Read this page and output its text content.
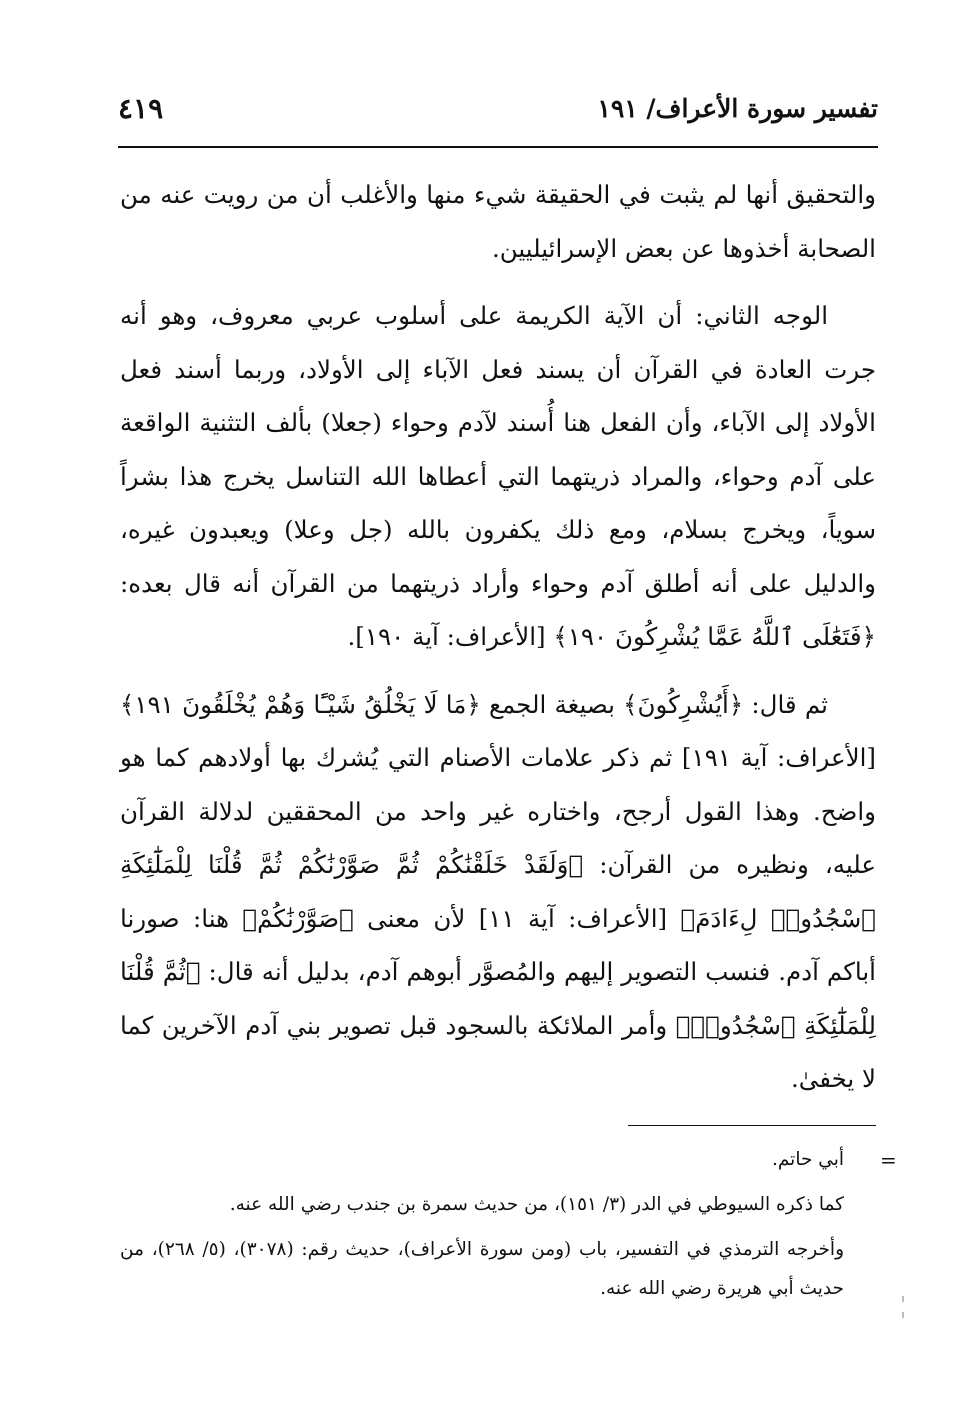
تفسير سورة الأعراف/ ١٩١
٤١٩

والتحقيق أنها لم يثبت في الحقيقة شيء منها والأغلب أن من رويت عنه من الصحابة أخذوها عن بعض الإسرائيليين.

الوجه الثاني: أن الآية الكريمة على أسلوب عربي معروف، وهو أنه جرت العادة في القرآن أن يسند فعل الآباء إلى الأولاد، وربما أسند فعل الأولاد إلى الآباء، وأن الفعل هنا أُسند لآدم وحواء (جعلا) بألف التثنية الواقعة على آدم وحواء، والمراد ذريتهما التي أعطاها الله التناسل يخرج هذا بشراً سوياً، ويخرج بسلام، ومع ذلك يكفرون بالله (جل وعلا) ويعبدون غيره، والدليل على أنه أطلق آدم وحواء وأراد ذريتهما من القرآن أنه قال بعده: ﴿فَتَعَٰلَى ٱللَّهُ عَمَّا يُشْرِكُونَ ١٩٠﴾ [الأعراف: آية ١٩٠].

ثم قال: ﴿أَيُشْرِكُونَ﴾ بصيغة الجمع ﴿مَا لَا يَخْلُقُ شَيْـًٔا وَهُمْ يُخْلَقُونَ ١٩١﴾ [الأعراف: آية ١٩١] ثم ذكر علامات الأصنام التي يُشرك بها أولادهم كما هو واضح. وهذا القول أرجح، واختاره غير واحد من المحققين لدلالة القرآن عليه، ونظيره من القرآن: ﴿وَلَقَدْ خَلَقْنَٰكُمْ ثُمَّ صَوَّرْنَٰكُمْ ثُمَّ قُلْنَا لِلْمَلَٰٓئِكَةِ ٱسْجُدُوا۟ لِءَادَمَ﴾ [الأعراف: آية ١١] لأن معنى ﴿صَوَّرْنَٰكُمْ﴾ هنا: صورنا أباكم آدم. فنسب التصوير إليهم والمُصوَّر أبوهم آدم، بدليل أنه قال: ﴿ثُمَّ قُلْنَا لِلْمَلَٰٓئِكَةِ ٱسْجُدُوا۟﴾ وأمر الملائكة بالسجود قبل تصوير بني آدم الآخرين كما لا يخفىٰ.

=

أبي حاتم.

كما ذكره السيوطي في الدر (٣/ ١٥١)، من حديث سمرة بن جندب رضي الله عنه.

وأخرجه الترمذي في التفسير، باب (ومن سورة الأعراف)، حديث رقم: (٣٠٧٨)، (٥/ ٢٦٨)، من حديث أبي هريرة رضي الله عنه.
